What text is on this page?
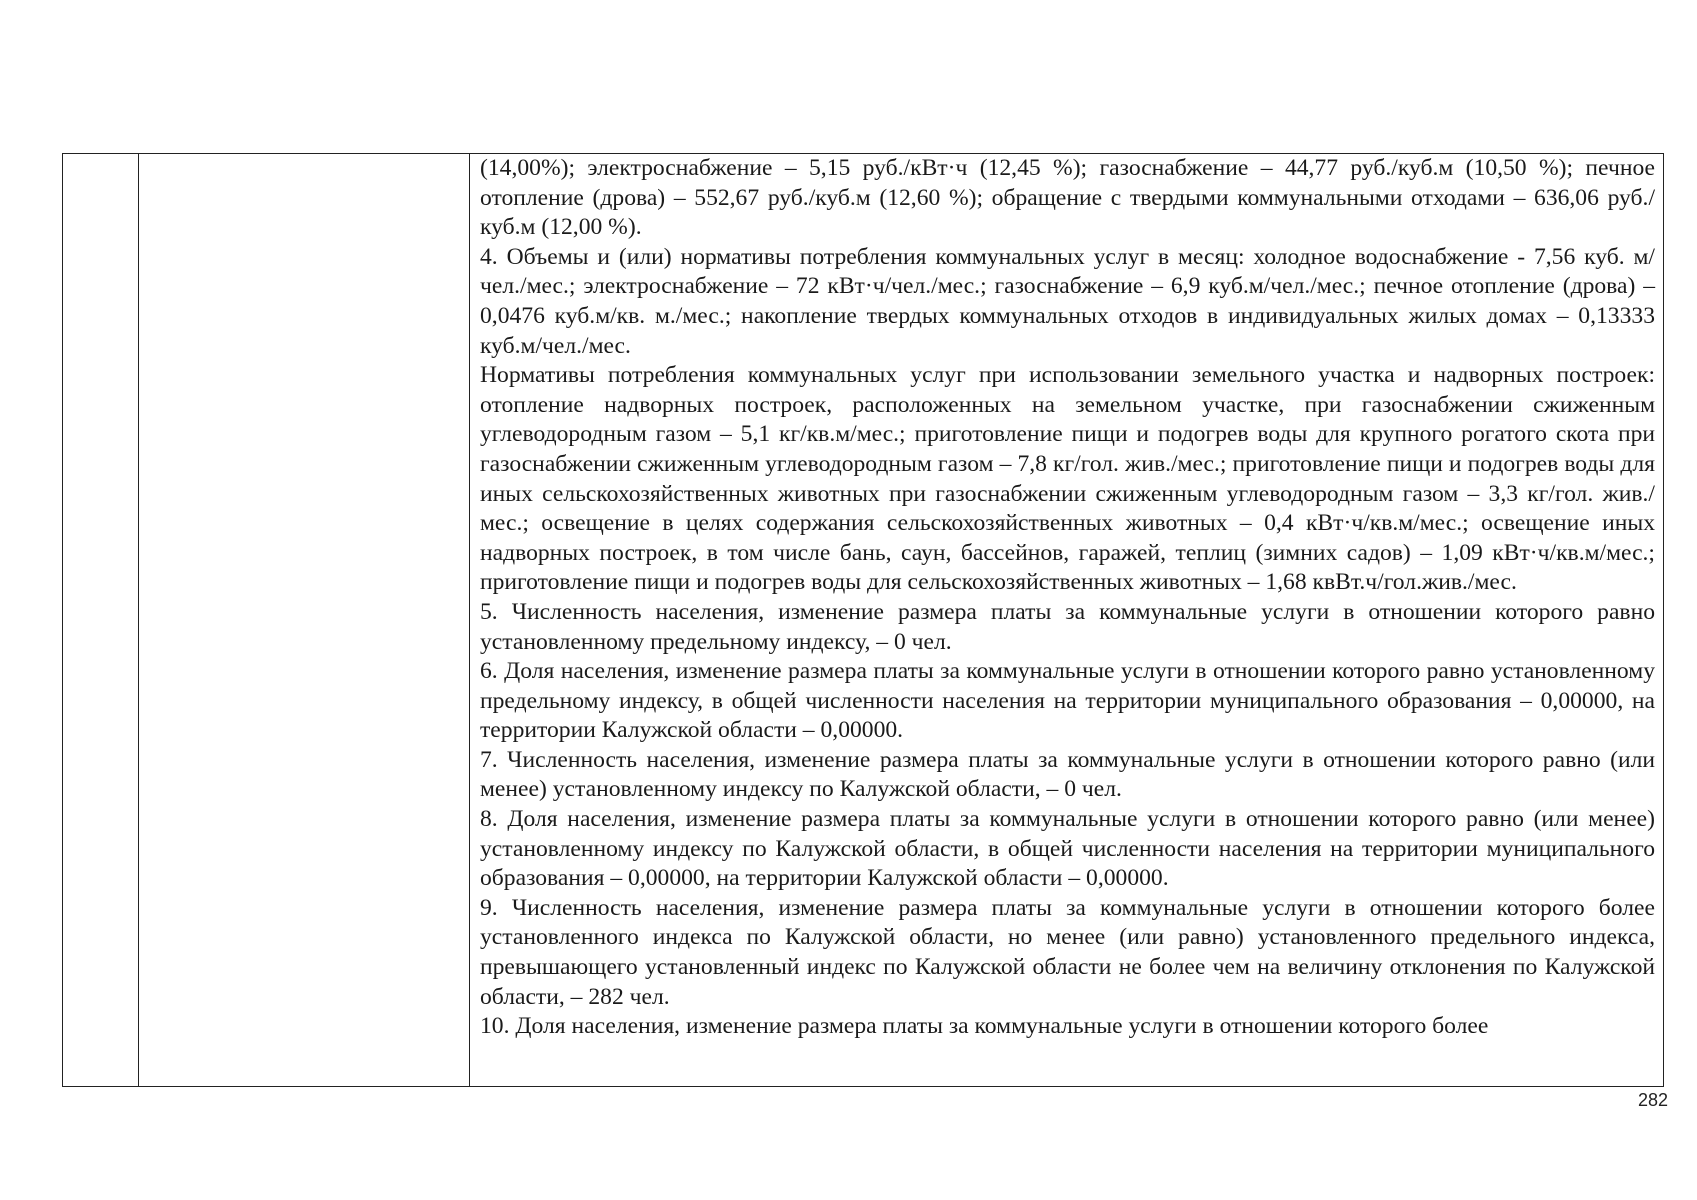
(14,00%); электроснабжение – 5,15 руб./кВт·ч (12,45 %); газоснабжение – 44,77 руб./куб.м (10,50 %); печное отопление (дрова) – 552,67 руб./куб.м (12,60 %); обращение с твердыми коммунальными отходами – 636,06 руб./куб.м (12,00 %).

4. Объемы и (или) нормативы потребления коммунальных услуг в месяц: холодное водоснабжение - 7,56 куб. м/чел./мес.; электроснабжение – 72 кВт·ч/чел./мес.; газоснабжение – 6,9 куб.м/чел./мес.; печное отопление (дрова) – 0,0476 куб.м/кв. м./мес.; накопление твердых коммунальных отходов в индивидуальных жилых домах – 0,13333 куб.м/чел./мес.

Нормативы потребления коммунальных услуг при использовании земельного участка и надворных построек: отопление надворных построек, расположенных на земельном участке, при газоснабжении сжиженным углеводородным газом – 5,1 кг/кв.м/мес.; приготовление пищи и подогрев воды для крупного рогатого скота при газоснабжении сжиженным углеводородным газом – 7,8 кг/гол. жив./мес.; приготовление пищи и подогрев воды для иных сельскохозяйственных животных при газоснабжении сжиженным углеводородным газом – 3,3 кг/гол. жив./мес.; освещение в целях содержания сельскохозяйственных животных – 0,4 кВт·ч/кв.м/мес.; освещение иных надворных построек, в том числе бань, саун, бассейнов, гаражей, теплиц (зимних садов) – 1,09 кВт·ч/кв.м/мес.; приготовление пищи и подогрев воды для сельскохозяйственных животных – 1,68 квВт.ч/гол.жив./мес.

5. Численность населения, изменение размера платы за коммунальные услуги в отношении которого равно установленному предельному индексу, – 0 чел.

6. Доля населения, изменение размера платы за коммунальные услуги в отношении которого равно установленному предельному индексу, в общей численности населения на территории муниципального образования – 0,00000, на территории Калужской области – 0,00000.

7. Численность населения, изменение размера платы за коммунальные услуги в отношении которого равно (или менее) установленному индексу по Калужской области, – 0 чел.

8. Доля населения, изменение размера платы за коммунальные услуги в отношении которого равно (или менее) установленному индексу по Калужской области, в общей численности населения на территории муниципального образования – 0,00000, на территории Калужской области – 0,00000.

9. Численность населения, изменение размера платы за коммунальные услуги в отношении которого более установленного индекса по Калужской области, но менее (или равно) установленного предельного индекса, превышающего установленный индекс по Калужской области не более чем на величину отклонения по Калужской области, – 282 чел.

10. Доля населения, изменение размера платы за коммунальные услуги в отношении которого более

282
